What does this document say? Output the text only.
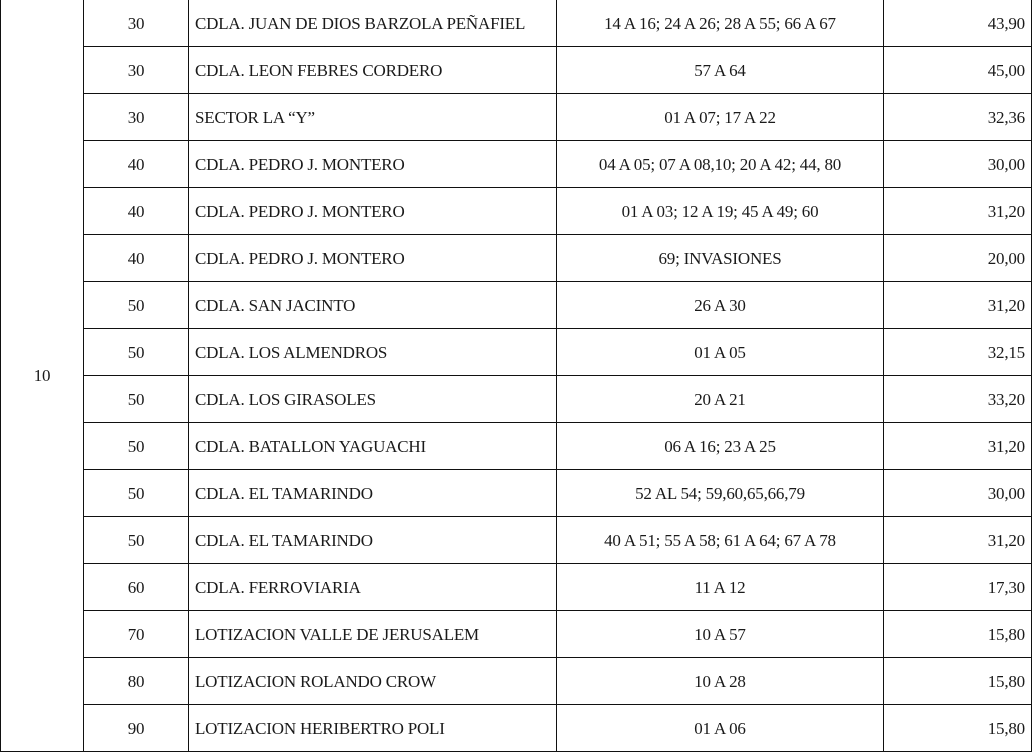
10	30	CDLA. JUAN DE DIOS BARZOLA PEÑAFIEL	14 A 16; 24 A 26; 28 A 55; 66 A 67	43,90
	30	CDLA. LEON FEBRES CORDERO	57 A 64	45,00
	30	SECTOR LA “Y”	01 A 07; 17 A 22	32,36
	40	CDLA. PEDRO J. MONTERO	04 A 05; 07 A 08,10; 20 A 42; 44, 80	30,00
	40	CDLA. PEDRO J. MONTERO	01 A 03; 12 A 19; 45 A 49; 60	31,20
	40	CDLA. PEDRO J. MONTERO	69; INVASIONES	20,00
	50	CDLA. SAN JACINTO	26 A 30	31,20
	50	CDLA. LOS ALMENDROS	01 A 05	32,15
	50	CDLA. LOS GIRASOLES	20 A 21	33,20
	50	CDLA. BATALLON YAGUACHI	06 A 16; 23 A 25	31,20
	50	CDLA. EL TAMARINDO	52 AL 54; 59,60,65,66,79	30,00
	50	CDLA. EL TAMARINDO	40 A 51; 55 A 58; 61 A 64; 67 A 78	31,20
	60	CDLA. FERROVIARIA	11 A 12	17,30
	70	LOTIZACION VALLE DE JERUSALEM	10 A 57	15,80
	80	LOTIZACION ROLANDO CROW	10 A 28	15,80
	90	LOTIZACION HERIBERTRO POLI	01 A 06	15,80
